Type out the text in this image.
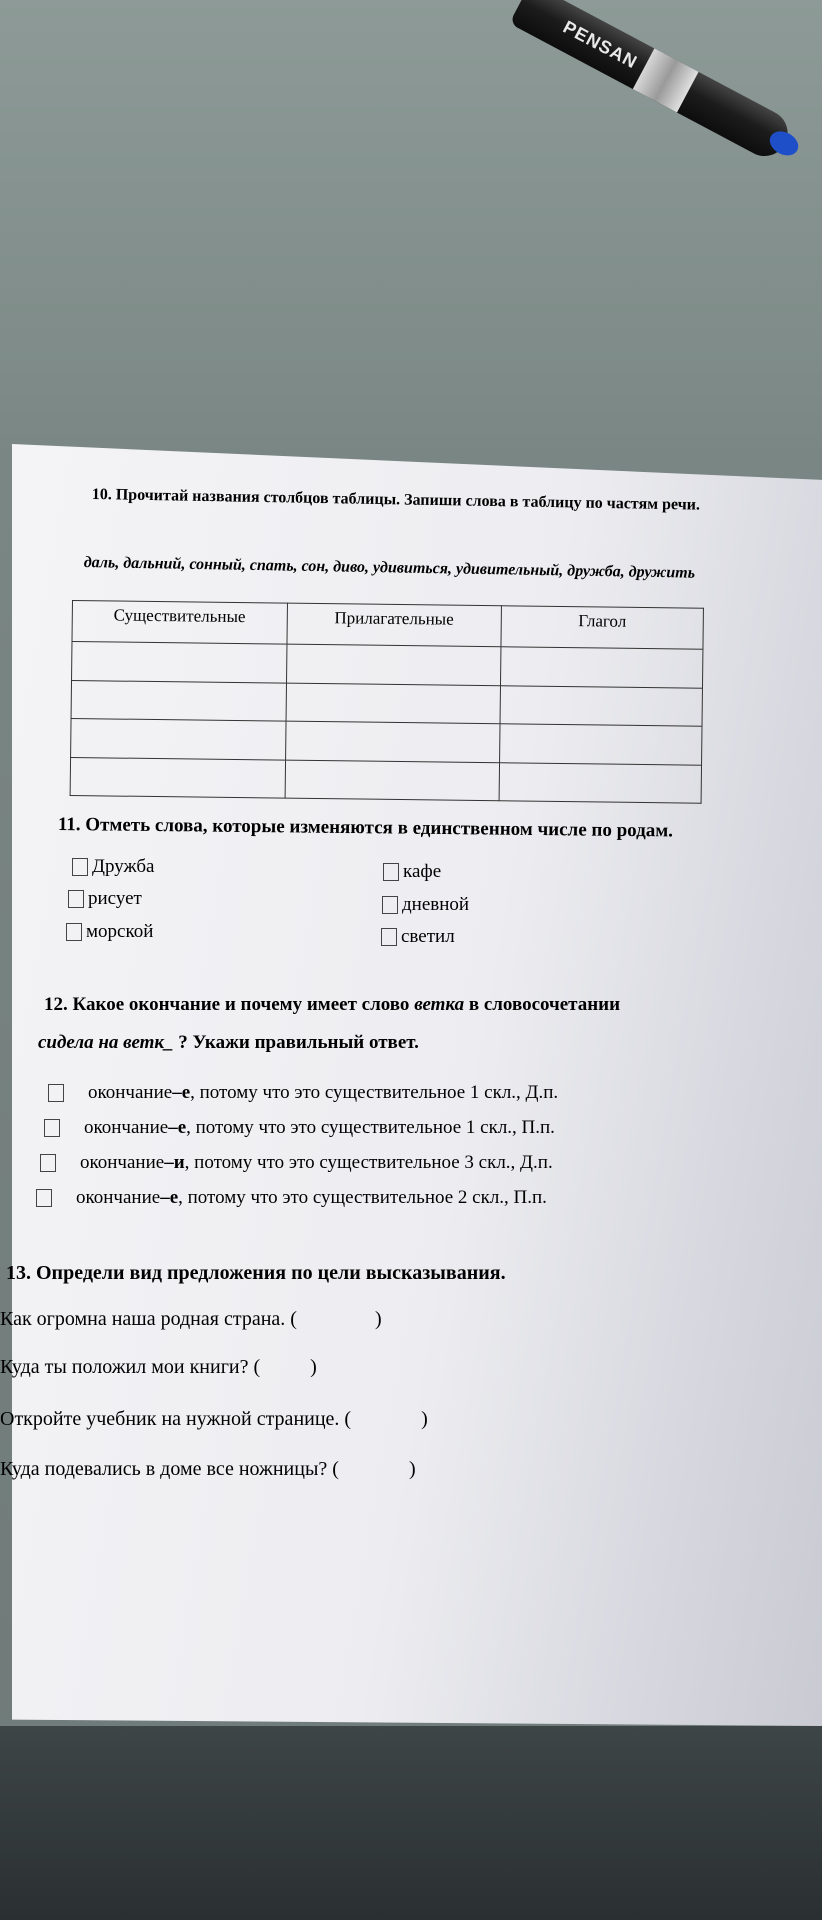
PENSAN
10. Прочитай названия столбцов таблицы. Запиши слова в таблицу по частям речи.
даль, дальний, сонный, спать, сон, диво, удивиться, удивительный, дружба, дружить
Существительные	Прилагательные	Глагол

11. Отметь слова, которые изменяются в единственном числе по родам.
Дружба
рисует
морской
кафе
дневной
светил
12. Какое окончание и почему имеет слово ветка в словосочетании
сидела на ветк_ ? Укажи правильный ответ.
окончание –е , потому что это существительное 1 скл., Д.п.
окончание –е , потому что это существительное 1 скл., П.п.
окончание –и , потому что это существительное 3 скл., Д.п.
окончание –е , потому что это существительное 2 скл., П.п.
13. Определи вид предложения по цели высказывания.
Как огромна наша родная страна. (	)
Куда ты положил мои книги? (	)
Откройте учебник на нужной странице. (	)
Куда подевались в доме все ножницы? (	)
